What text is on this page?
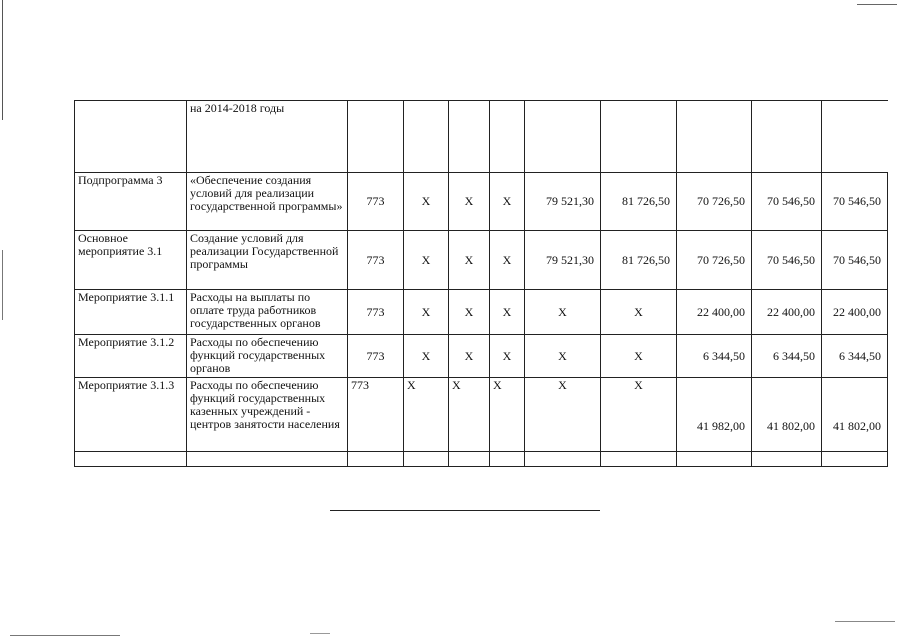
	на 2014-2018 годы									
Подпрограмма 3	«Обеспечение создания условий для реализации государственной программы»	773	Х	Х	Х	79 521,30	81 726,50	70 726,50	70 546,50	70 546,50
Основное мероприятие 3.1	Создание условий для реализации Государственной программы	773	Х	Х	Х	79 521,30	81 726,50	70 726,50	70 546,50	70 546,50
Мероприятие 3.1.1	Расходы на выплаты по оплате труда работников государственных органов	773	Х	Х	Х	Х	Х	22 400,00	22 400,00	22 400,00
Мероприятие 3.1.2	Расходы по обеспечению функций государственных органов	773	Х	Х	Х	Х	Х	6 344,50	6 344,50	6 344,50
Мероприятие 3.1.3	Расходы по обеспечению функций государственных казенных учреждений - центров занятости населения	773	Х	Х	Х	Х	Х	41 982,00	41 802,00	41 802,00
